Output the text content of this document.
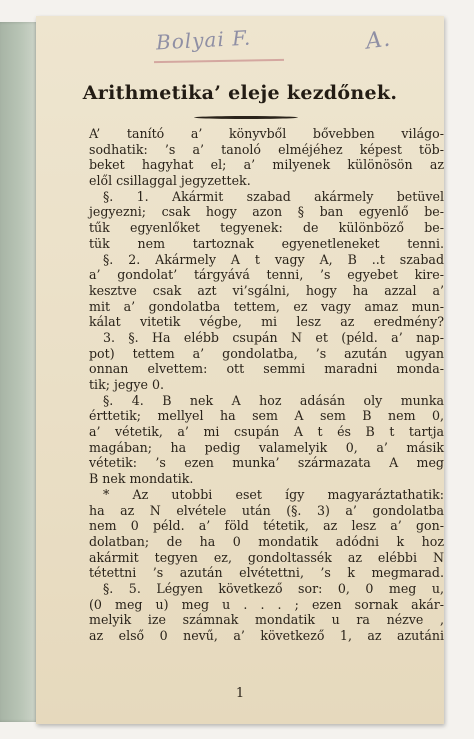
Bolyai F.	A.
Arithmetika’ eleje kezdőnek.
A’ tanító a’ könyvből bővebben világo-
sodhatik: ’s a’ tanoló elméjéhez képest töb-
beket hagyhat el; a’ milyenek különösön az
elől csillaggal jegyzettek.
§. 1. Akármit szabad akármely betüvel
jegyezni; csak hogy azon § ban egyenlő be-
tűk egyenlőket tegyenek: de különböző be-
tük nem tartoznak egyenetleneket tenni.
§. 2. Akármely A t vagy A, B ..t szabad
a’ gondolat’ tárgyává tenni, ’s egyebet kire-
kesztve csak azt vi’sgálni, hogy ha azzal a’
mit a’ gondolatba tettem, ez vagy amaz mun-
kálat vitetik végbe, mi lesz az eredmény?
3. §. Ha elébb csupán N et (péld. a’ nap-
pot) tettem a’ gondolatba, ’s azután ugyan
onnan elvettem: ott semmi maradni monda-
tik; jegye 0.
§. 4. B nek A hoz adásán oly munka
érttetik; mellyel ha sem A sem B nem 0,
a’ vétetik, a’ mi csupán A t és B t tartja
magában; ha pedig valamelyik 0, a’ másik
vétetik: ’s ezen munka’ származata A meg
B nek mondatik.
* Az utobbi eset így magyaráztathatik:
ha az N elvétele után (§. 3) a’ gondolatba
nem 0 péld. a’ föld tétetik, az lesz a’ gon-
dolatban; de ha 0 mondatik adódni k hoz
akármit tegyen ez, gondoltassék az elébbi N
tétettni ’s azután elvétettni, ’s k megmarad.
§. 5. Légyen következő sor: 0, 0 meg u,
(0 meg u) meg u . . . ; ezen sornak akár-
melyik ize számnak mondatik u ra nézve ,
az első 0 nevű, a’ következő 1, az azutáni
1
